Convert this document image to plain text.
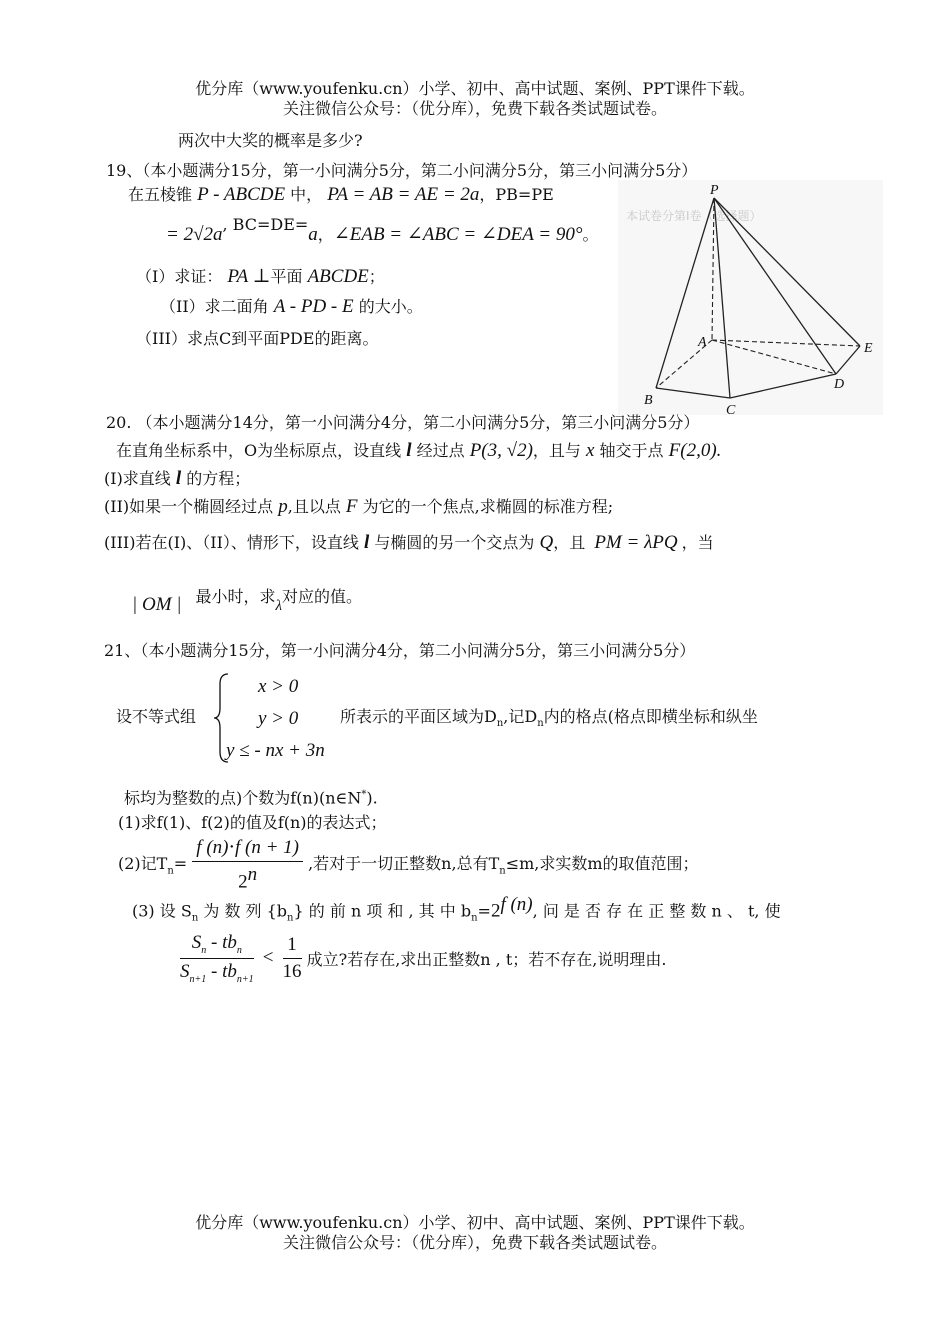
优分库（www.youfenku.cn）小学、初中、高中试题、案例、PPT课件下载。
关注微信公众号：（优分库），免费下载各类试题试卷。
两次中大奖的概率是多少?
19、（本小题满分15分，第一小问满分5分，第二小问满分5分，第三小问满分5分）
在五棱锥 P - ABCDE 中， PA = AB = AE = 2a，PB=PE
= 2√2a, BC=DE=a，∠EAB = ∠ABC = ∠DEA = 90°。
（I）求证： PA ⊥平面 ABCDE；
（II）求二面角 A - PD - E 的大小。
（III）求点C到平面PDE的距离。
本试卷分第Ⅰ卷（选择题）
P
A
B
C
D
E
20. （本小题满分14分，第一小问满分4分，第二小问满分5分，第三小问满分5分）
在直角坐标系中，O为坐标原点，设直线 l 经过点 P(3, √2)，且与 x 轴交于点 F(2,0).
(I)求直线 l 的方程；
(II)如果一个椭圆经过点 p,且以点 F 为它的一个焦点,求椭圆的标准方程;
(III)若在(I)、（II）、情形下，设直线 l 与椭圆的另一个交点为 Q，且 PM = λPQ ，当
| OM | 最小时，求λ对应的值。
21、（本小题满分15分，第一小问满分4分，第二小问满分5分，第三小问满分5分）
设不等式组
x > 0
y > 0
y ≤ - nx + 3n
所表示的平面区域为$D_n$,记$D_n$内的格点(格点即横坐标和纵坐
标均为整数的点)个数为f(n)(n∈N*).
(1)求f(1)、f(2)的值及f(n)的表达式；
(2)记$T_n= \frac{f (n)\cdot f (n + 1)}{2^n}$ ,若对于一切正整数n,总有$T_n\le m$,求实数m的取值范围；
(3) 设 $S_n$ 为 数 列 $\{b_n\}$ 的 前 n 项 和 , 其 中 $b_n=2^{f (n)}$, 问 是 否 存 在 正 整 数 n 、 t, 使
$\frac{S_n - tb_n}{S_{n+1} - tb_{n+1}} < \frac{1}{16}$ 成立?若存在,求出正整数n , t；若不存在,说明理由.
优分库（www.youfenku.cn）小学、初中、高中试题、案例、PPT课件下载。
关注微信公众号：（优分库），免费下载各类试题试卷。
